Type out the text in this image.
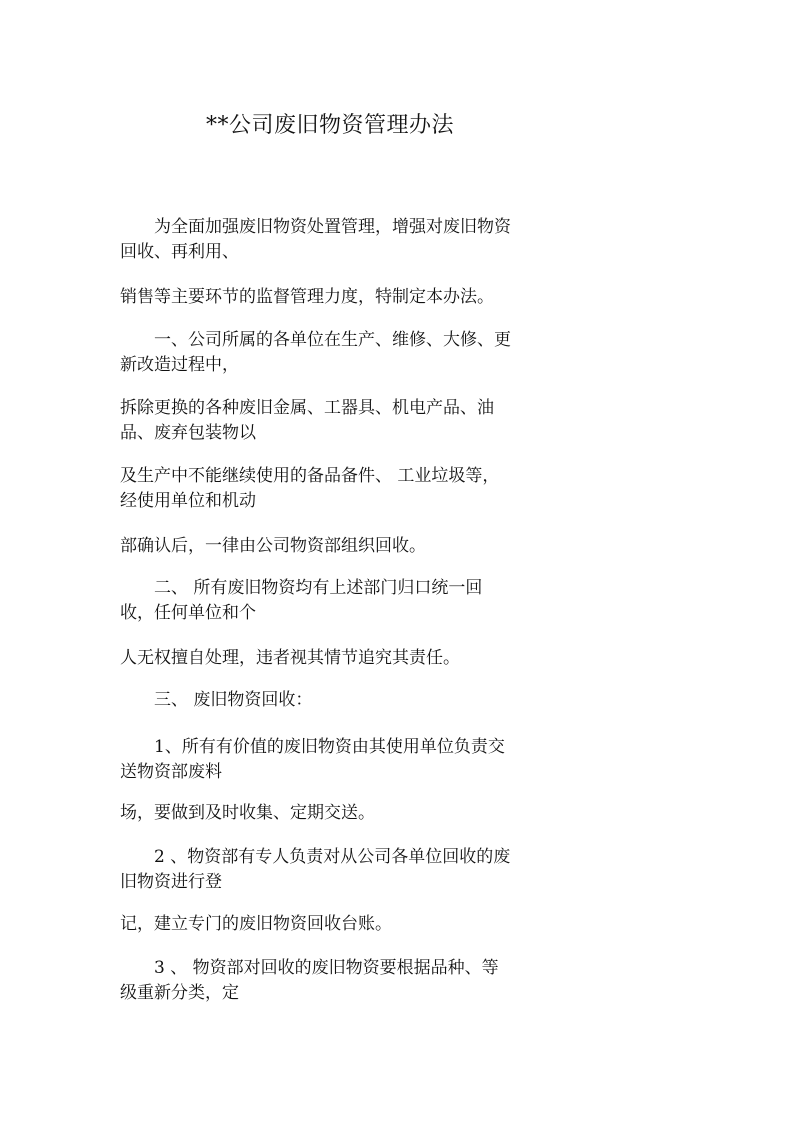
**公司废旧物资管理办法
为全面加强废旧物资处置管理，增强对废旧物资
回收、再利用、
销售等主要环节的监督管理力度，特制定本办法。
一、公司所属的各单位在生产、维修、大修、更
新改造过程中，
拆除更换的各种废旧金属、工器具、机电产品、油
品、废弃包装物以
及生产中不能继续使用的备品备件、 工业垃圾等，
经使用单位和机动
部确认后，一律由公司物资部组织回收。
二、 所有废旧物资均有上述部门归口统一回
收，任何单位和个
人无权擅自处理，违者视其情节追究其责任。
三、 废旧物资回收：
1、所有有价值的废旧物资由其使用单位负责交
送物资部废料
场，要做到及时收集、定期交送。
2 、物资部有专人负责对从公司各单位回收的废
旧物资进行登
记，建立专门的废旧物资回收台账。
3 、 物资部对回收的废旧物资要根据品种、等
级重新分类，定
